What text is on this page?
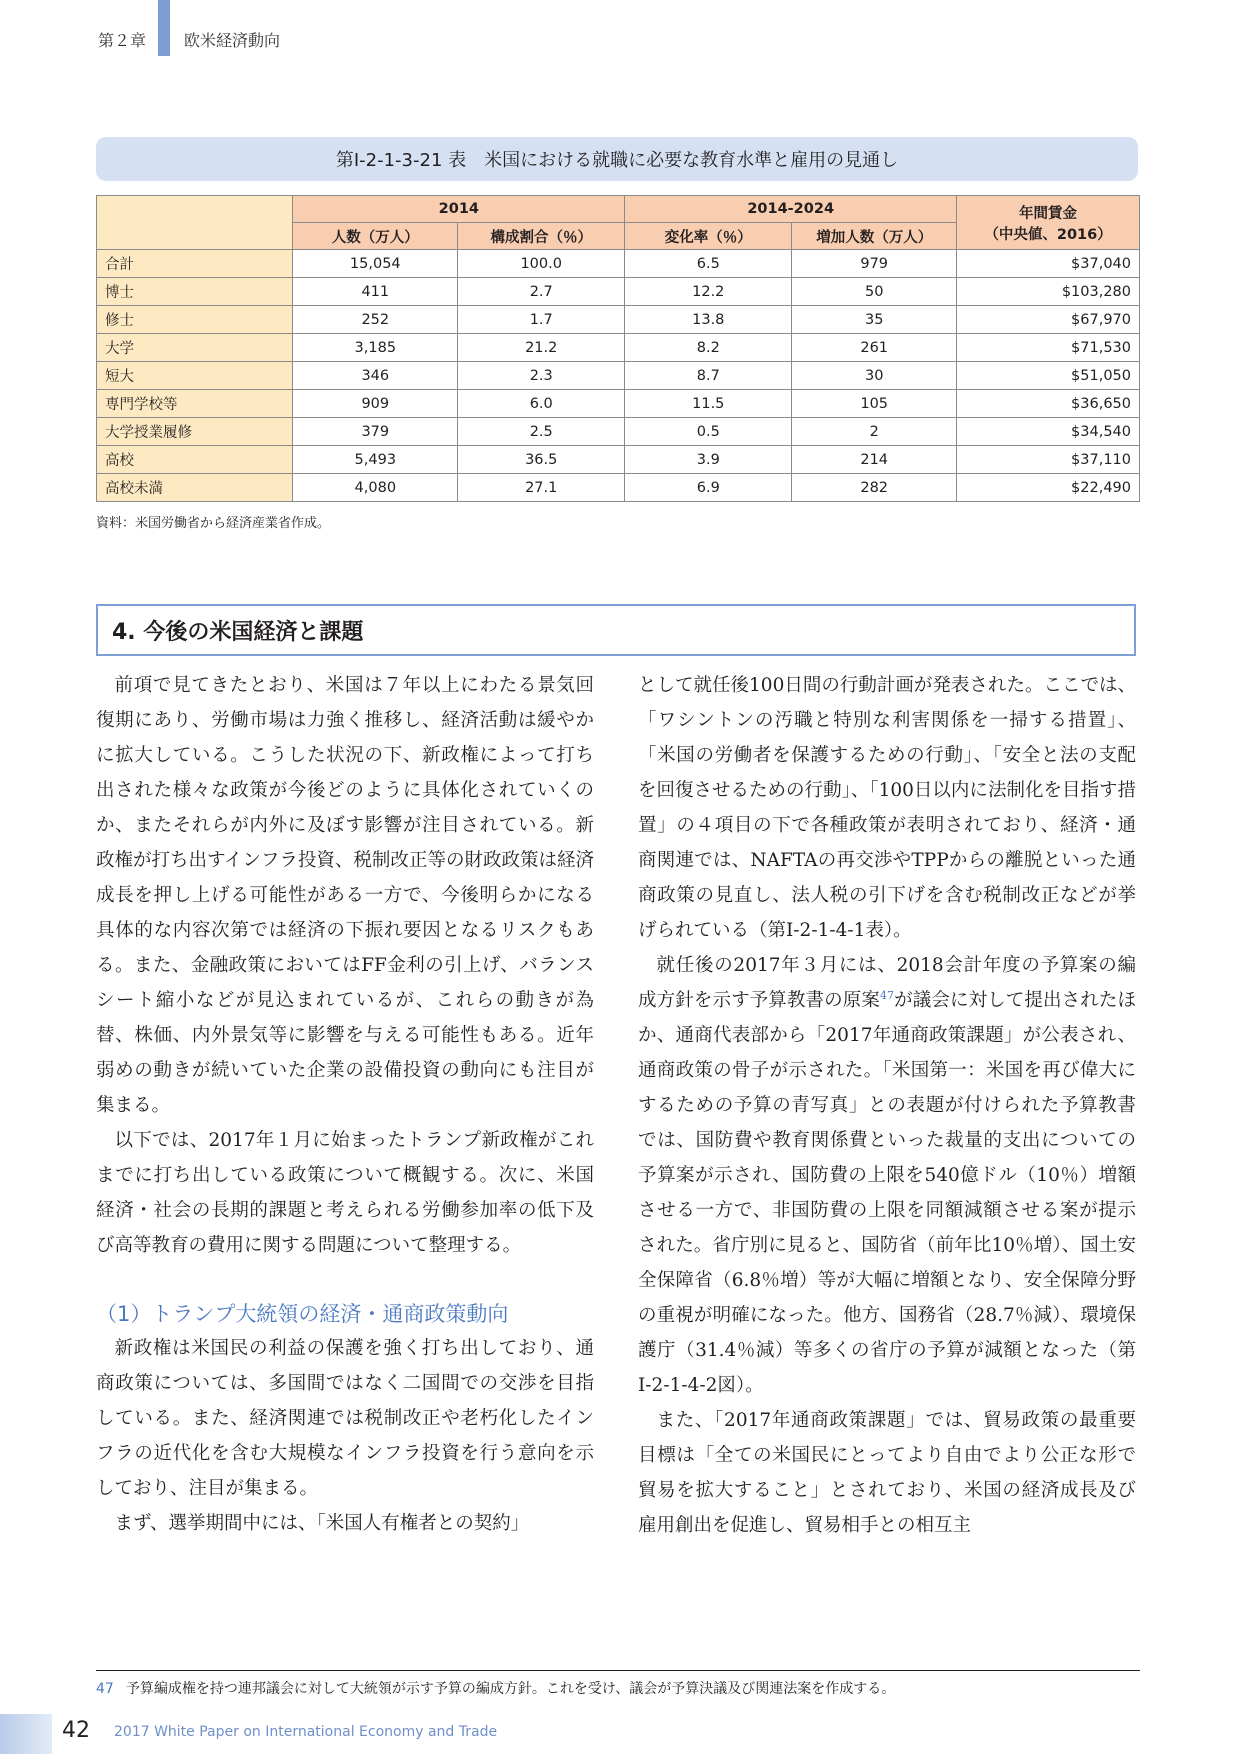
第２章 欧米経済動向
第Ⅰ-2-1-3-21 表　米国における就職に必要な教育水準と雇用の見通し
	2014		2014-2024		年間賃金
（中央値、2016）

	人数（万人）	構成割合（％）	変化率（％）	増加人数（万人）	
合計	15,054	100.0	6.5	979	$37,040
博士	411	2.7	12.2	50	$103,280
修士	252	1.7	13.8	35	$67,970
大学	3,185	21.2	8.2	261	$71,530
短大	346	2.3	8.7	30	$51,050
専門学校等	909	6.0	11.5	105	$36,650
大学授業履修	379	2.5	0.5	2	$34,540
高校	5,493	36.5	3.9	214	$37,110
高校未満	4,080	27.1	6.9	282	$22,490
資料：米国労働省から経済産業省作成。
4. 今後の米国経済と課題

前項で見てきたとおり、米国は７年以上にわたる景気回復期にあり、労働市場は力強く推移し、経済活動は緩やかに拡大している。こうした状況の下、新政権によって打ち出された様々な政策が今後どのように具体化されていくのか、またそれらが内外に及ぼす影響が注目されている。新政権が打ち出すインフラ投資、税制改正等の財政政策は経済成長を押し上げる可能性がある一方で、今後明らかになる具体的な内容次第では経済の下振れ要因となるリスクもある。また、金融政策においてはFF金利の引上げ、バランスシート縮小などが見込まれているが、これらの動きが為替、株価、内外景気等に影響を与える可能性もある。近年弱めの動きが続いていた企業の設備投資の動向にも注目が集まる。

以下では、2017年１月に始まったトランプ新政権がこれまでに打ち出している政策について概観する。次に、米国経済・社会の長期的課題と考えられる労働参加率の低下及び高等教育の費用に関する問題について整理する。

（1）トランプ大統領の経済・通商政策動向

新政権は米国民の利益の保護を強く打ち出しており、通商政策については、多国間ではなく二国間での交渉を目指している。また、経済関連では税制改正や老朽化したインフラの近代化を含む大規模なインフラ投資を行う意向を示しており、注目が集まる。

まず、選挙期間中には、「米国人有権者との契約」

として就任後100日間の行動計画が発表された。ここでは、「ワシントンの汚職と特別な利害関係を一掃する措置」、「米国の労働者を保護するための行動」、「安全と法の支配を回復させるための行動」、「100日以内に法制化を目指す措置」の４項目の下で各種政策が表明されており、経済・通商関連では、NAFTAの再交渉やTPPからの離脱といった通商政策の見直し、法人税の引下げを含む税制改正などが挙げられている（第Ⅰ-2-1-4-1表）。

就任後の2017年３月には、2018会計年度の予算案の編成方針を示す予算教書の原案$^{47}$が議会に対して提出されたほか、通商代表部から「2017年通商政策課題」が公表され、通商政策の骨子が示された。「米国第一：米国を再び偉大にするための予算の青写真」との表題が付けられた予算教書では、国防費や教育関係費といった裁量的支出についての予算案が示され、国防費の上限を540億ドル（10％）増額させる一方で、非国防費の上限を同額減額させる案が提示された。省庁別に見ると、国防省（前年比10％増）、国土安全保障省（6.8％増）等が大幅に増額となり、安全保障分野の重視が明確になった。他方、国務省（28.7％減）、環境保護庁（31.4％減）等多くの省庁の予算が減額となった（第Ⅰ-2-1-4-2図）。

また、「2017年通商政策課題」では、貿易政策の最重要目標は「全ての米国民にとってより自由でより公正な形で貿易を拡大すること」とされており、米国の経済成長及び雇用創出を促進し、貿易相手との相互主

47 予算編成権を持つ連邦議会に対して大統領が示す予算の編成方針。これを受け、議会が予算決議及び関連法案を作成する。
42 2017 White Paper on International Economy and Trade
